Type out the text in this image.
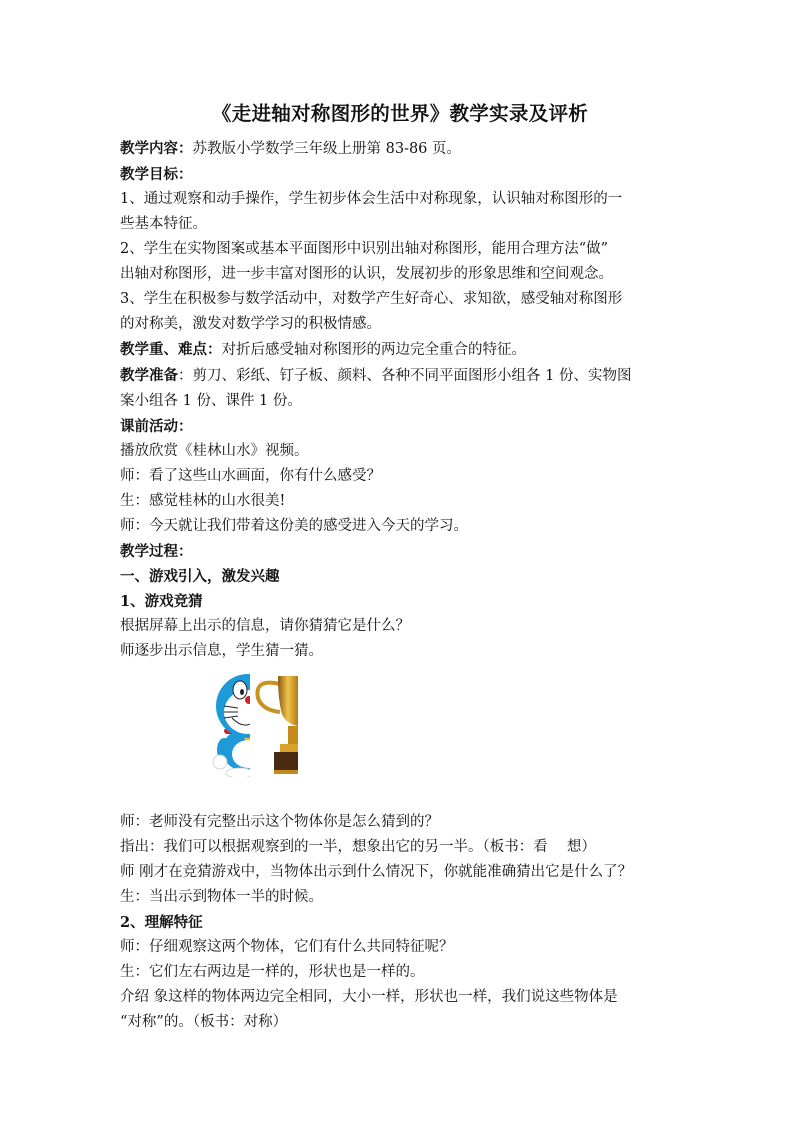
《走进轴对称图形的世界》教学实录及评析
教学内容：苏教版小学数学三年级上册第 83-86 页。
教学目标：
1、通过观察和动手操作，学生初步体会生活中对称现象，认识轴对称图形的一
些基本特征。
2、学生在实物图案或基本平面图形中识别出轴对称图形，能用合理方法“做”
出轴对称图形，进一步丰富对图形的认识，发展初步的形象思维和空间观念。
3、学生在积极参与数学活动中，对数学产生好奇心、求知欲，感受轴对称图形
的对称美，激发对数学学习的积极情感。
教学重、难点：对折后感受轴对称图形的两边完全重合的特征。
教学准备：剪刀、彩纸、钉子板、颜料、各种不同平面图形小组各 1 份、实物图
案小组各 1 份、课件 1 份。
课前活动：
播放欣赏《桂林山水》视频。
师：看了这些山水画面，你有什么感受？
生：感觉桂林的山水很美!
师：今天就让我们带着这份美的感受进入今天的学习。
教学过程：
一、游戏引入，激发兴趣
1、游戏竞猜
根据屏幕上出示的信息，请你猜猜它是什么？
师逐步出示信息，学生猜一猜。
师：老师没有完整出示这个物体你是怎么猜到的？
指出：我们可以根据观察到的一半，想象出它的另一半。（板书：看　 想）
师 刚才在竞猜游戏中，当物体出示到什么情况下，你就能准确猜出它是什么了？
生：当出示到物体一半的时候。
2、理解特征
师：仔细观察这两个物体，它们有什么共同特征呢？
生：它们左右两边是一样的，形状也是一样的。
介绍 象这样的物体两边完全相同，大小一样，形状也一样，我们说这些物体是
“对称”的。（板书：对称）
